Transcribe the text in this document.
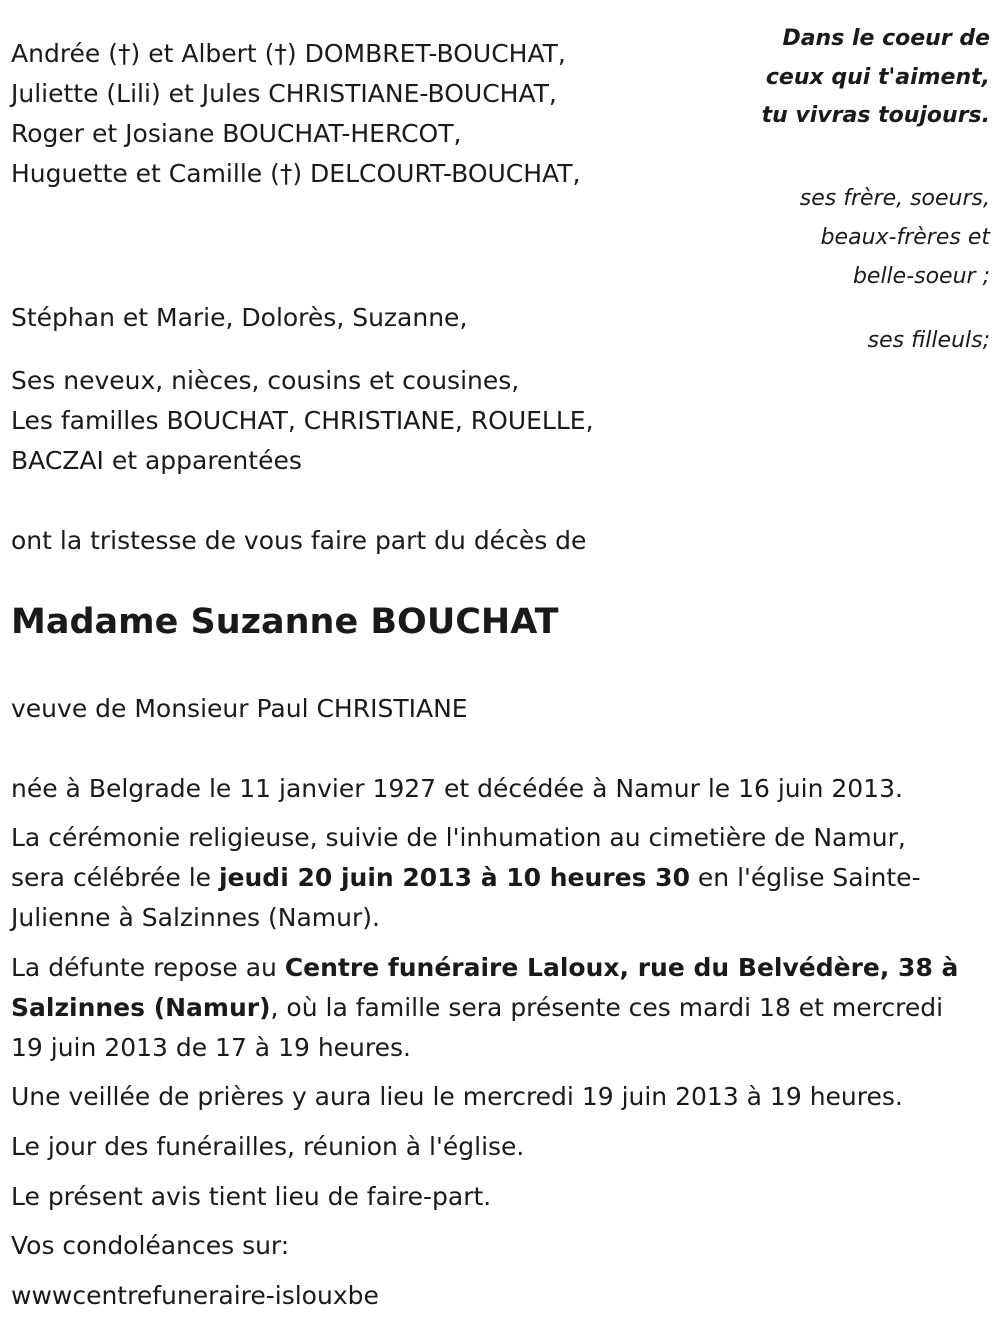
Andrée (†) et Albert (†) DOMBRET-BOUCHAT,

Juliette (Lili) et Jules CHRISTIANE-BOUCHAT,

Roger et Josiane BOUCHAT-HERCOT,

Huguette et Camille (†) DELCOURT-BOUCHAT,

Stéphan et Marie, Dolorès, Suzanne,

Ses neveux, nièces, cousins et cousines,

Les familles BOUCHAT, CHRISTIANE, ROUELLE,

BACZAI et apparentées

Dans le coeur de

ceux qui t'aiment,

tu vivras toujours.

ses frère, soeurs,

beaux-frères et

belle-soeur ;

ses filleuls;

ont la tristesse de vous faire part du décès de

Madame Suzanne BOUCHAT

veuve de Monsieur Paul CHRISTIANE

née à Belgrade le 11 janvier 1927 et décédée à Namur le 16 juin 2013.

La cérémonie religieuse, suivie de l'inhumation au cimetière de Namur,

sera célébrée le jeudi 20 juin 2013 à 10 heures 30 en l'église Sainte-

Julienne à Salzinnes (Namur).

La défunte repose au Centre funéraire Laloux, rue du Belvédère, 38 à

Salzinnes (Namur), où la famille sera présente ces mardi 18 et mercredi

19 juin 2013 de 17 à 19 heures.

Une veillée de prières y aura lieu le mercredi 19 juin 2013 à 19 heures.

Le jour des funérailles, réunion à l'église.

Le présent avis tient lieu de faire-part.

Vos condoléances sur:

wwwcentrefuneraire-islouxbe
